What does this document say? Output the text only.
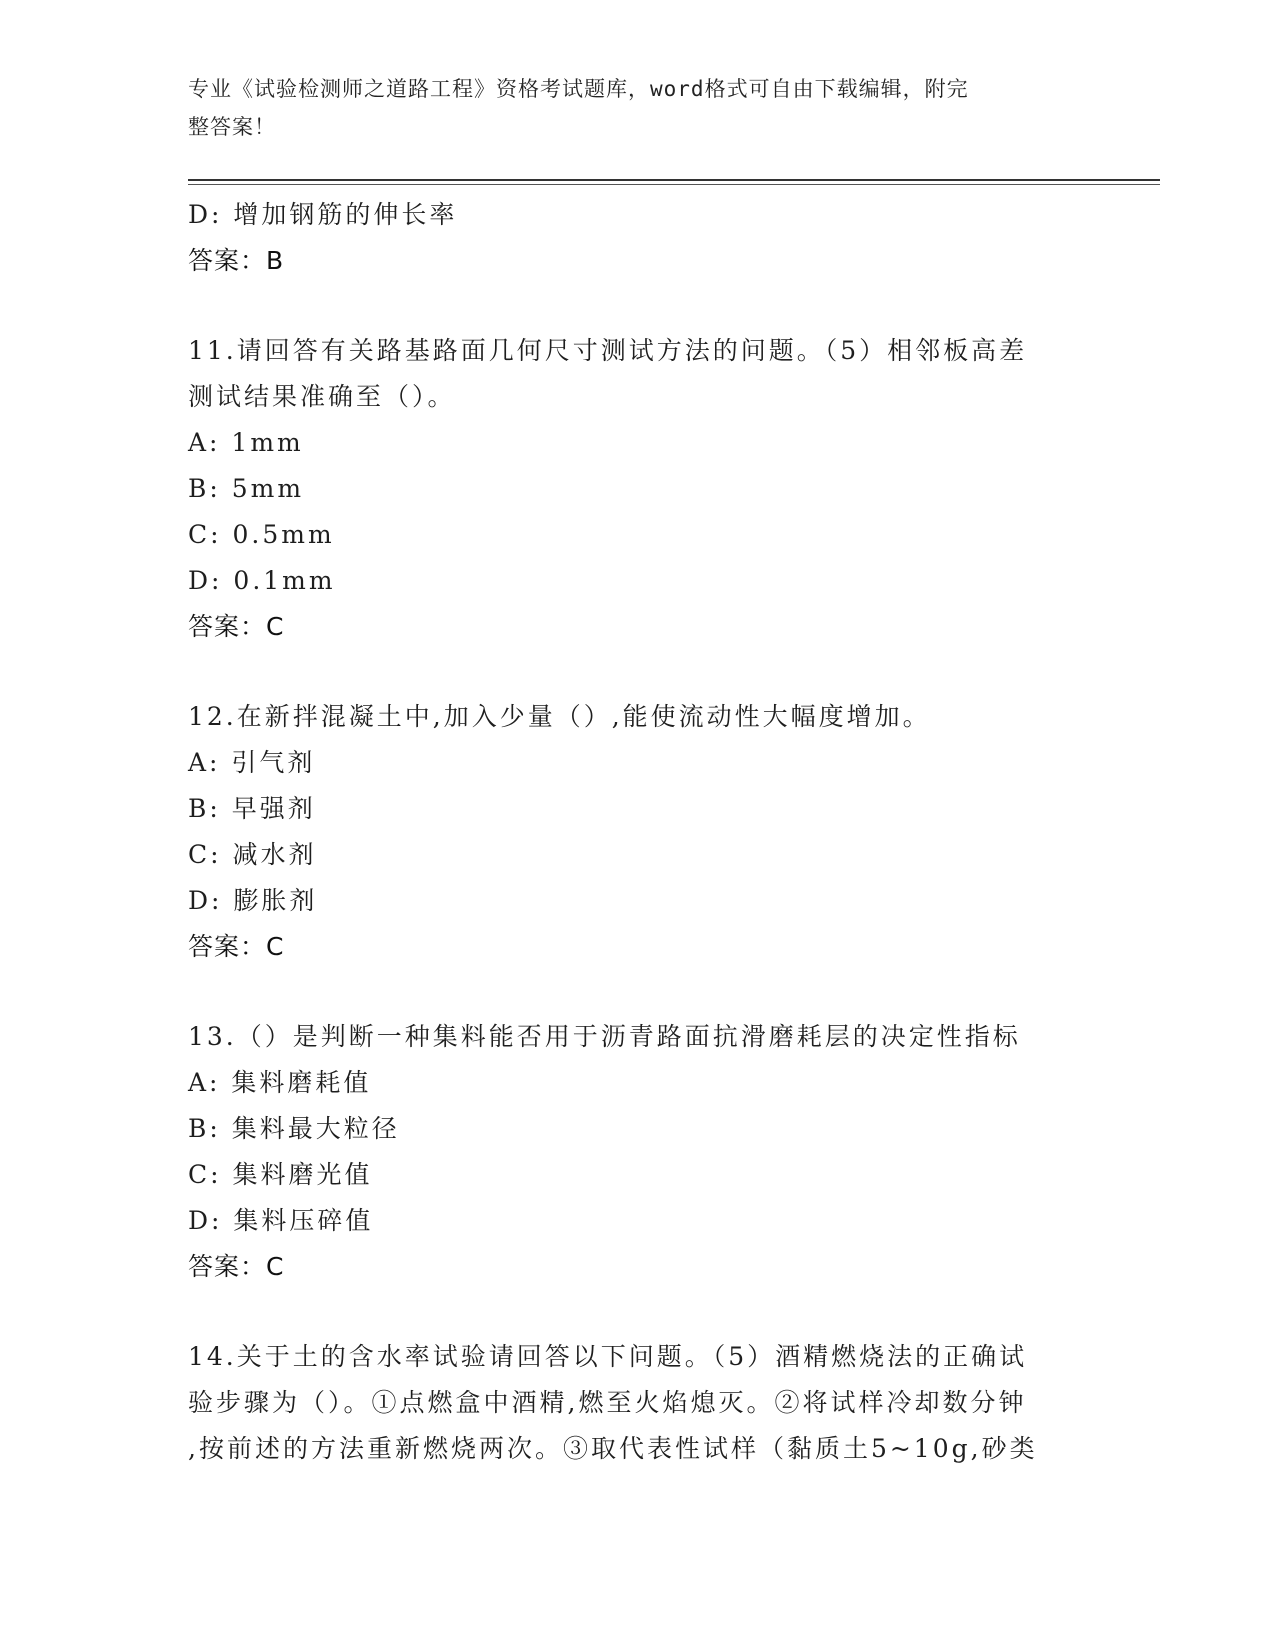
专业《试验检测师之道路工程》资格考试题库，word格式可自由下载编辑，附完
整答案！
D: 增加钢筋的伸长率
答案：B
11.请回答有关路基路面几何尺寸测试方法的问题。（5）相邻板高差
测试结果准确至（）。
A: 1mm
B: 5mm
C: 0.5mm
D: 0.1mm
答案：C
12.在新拌混凝土中,加入少量（）,能使流动性大幅度增加。
A: 引气剂
B: 早强剂
C: 减水剂
D: 膨胀剂
答案：C
13.（）是判断一种集料能否用于沥青路面抗滑磨耗层的决定性指标
A: 集料磨耗值
B: 集料最大粒径
C: 集料磨光值
D: 集料压碎值
答案：C
14.关于土的含水率试验请回答以下问题。（5）酒精燃烧法的正确试
验步骤为（）。①点燃盒中酒精,燃至火焰熄灭。②将试样冷却数分钟
,按前述的方法重新燃烧两次。③取代表性试样（黏质土5~10g,砂类
